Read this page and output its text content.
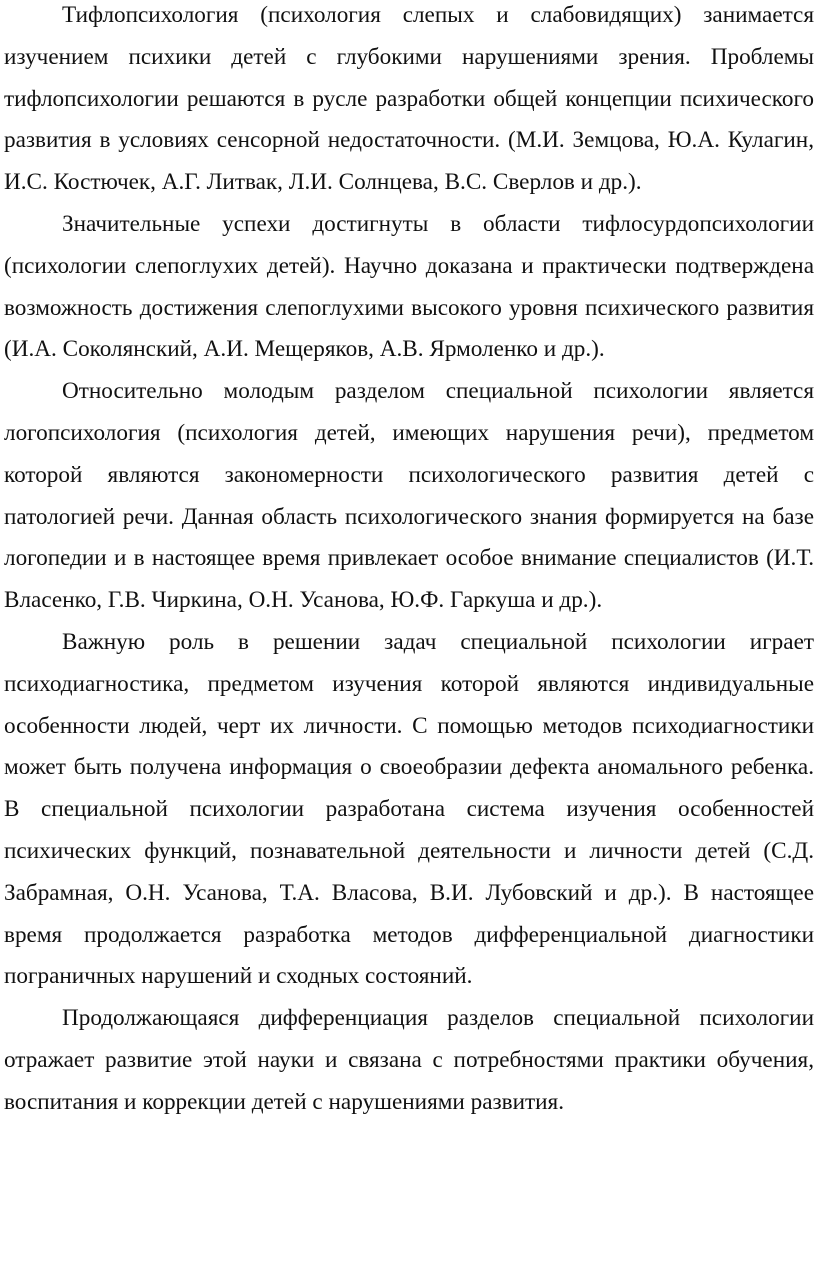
Тифлопсихология (психология слепых и слабовидящих) занимается изучением психики детей с глубокими нарушениями зрения. Проблемы тифлопсихологии решаются в русле разработки общей концепции психического развития в условиях сенсорной недостаточности. (М.И. Земцова, Ю.А. Кулагин, И.С. Костючек, А.Г. Литвак, Л.И. Солнцева, В.С. Сверлов и др.).

Значительные успехи достигнуты в области тифлосурдопсихологии (психологии слепоглухих детей). Научно доказана и практически подтверждена возможность достижения слепоглухими высокого уровня психического развития (И.А. Соколянский, А.И. Мещеряков, А.В. Ярмоленко и др.).

Относительно молодым разделом специальной психологии является логопсихология (психология детей, имеющих нарушения речи), предметом которой являются закономерности психологического развития детей с патологией речи. Данная область психологического знания формируется на базе логопедии и в настоящее время привлекает особое внимание специалистов (И.Т. Власенко, Г.В. Чиркина, О.Н. Усанова, Ю.Ф. Гаркуша и др.).

Важную роль в решении задач специальной психологии играет психодиагностика, предметом изучения которой являются индивидуальные особенности людей, черт их личности. С помощью методов психодиагностики может быть получена информация о своеобразии дефекта аномального ребенка. В специальной психологии разработана система изучения особенностей психических функций, познавательной деятельности и личности детей (С.Д. Забрамная, О.Н. Усанова, Т.А. Власова, В.И. Лубовский и др.). В настоящее время продолжается разработка методов дифференциальной диагностики пограничных нарушений и сходных состояний.

Продолжающаяся дифференциация разделов специальной психологии отражает развитие этой науки и связана с потребностями практики обучения, воспитания и коррекции детей с нарушениями развития.
